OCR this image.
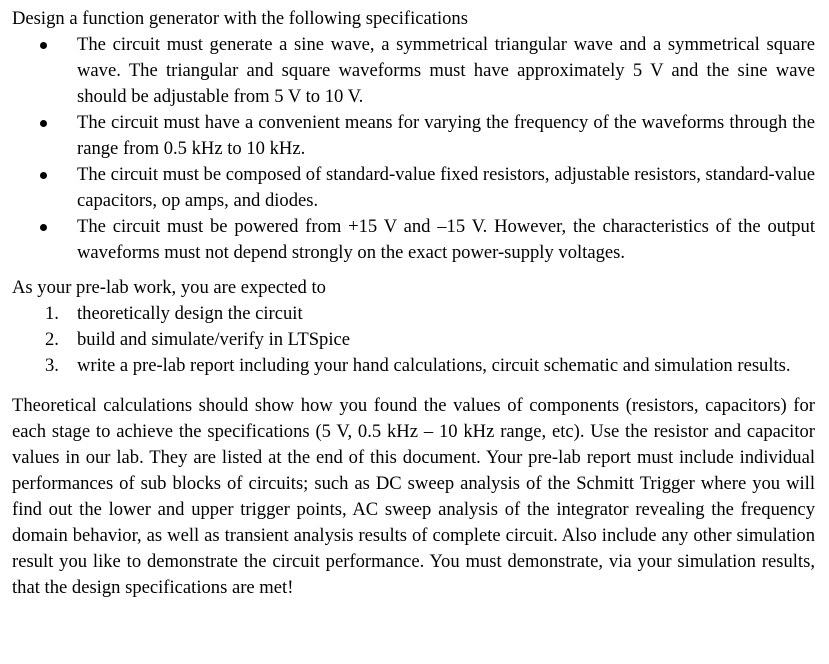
Design a function generator with the following specifications

The circuit must generate a sine wave, a symmetrical triangular wave and a symmetrical square wave. The triangular and square waveforms must have approximately 5 V and the sine wave should be adjustable from 5 V to 10 V.
The circuit must have a convenient means for varying the frequency of the waveforms through the range from 0.5 kHz to 10 kHz.
The circuit must be composed of standard-value fixed resistors, adjustable resistors, standard-value capacitors, op amps, and diodes.
The circuit must be powered from +15 V and –15 V. However, the characteristics of the output waveforms must not depend strongly on the exact power-supply voltages.

As your pre-lab work, you are expected to

1. theoretically design the circuit
2. build and simulate/verify in LTSpice
3. write a pre-lab report including your hand calculations, circuit schematic and simulation results.

Theoretical calculations should show how you found the values of components (resistors, capacitors) for each stage to achieve the specifications (5 V, 0.5 kHz – 10 kHz range, etc). Use the resistor and capacitor values in our lab. They are listed at the end of this document. Your pre-lab report must include individual performances of sub blocks of circuits; such as DC sweep analysis of the Schmitt Trigger where you will find out the lower and upper trigger points, AC sweep analysis of the integrator revealing the frequency domain behavior, as well as transient analysis results of complete circuit. Also include any other simulation result you like to demonstrate the circuit performance. You must demonstrate, via your simulation results, that the design specifications are met!
